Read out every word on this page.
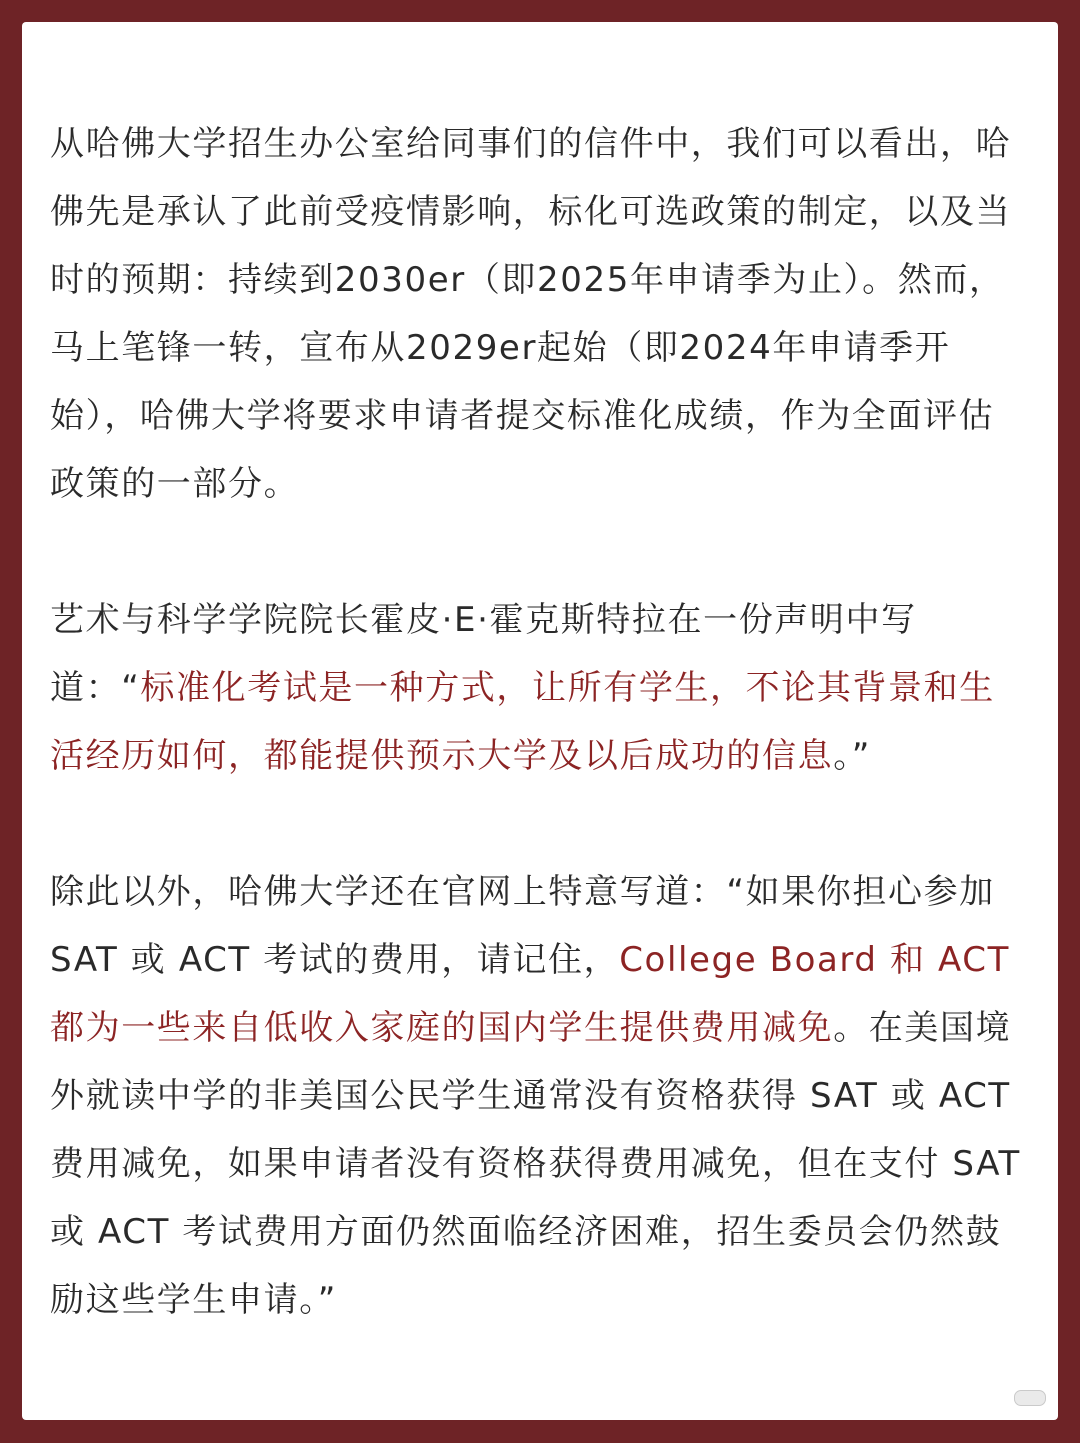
从哈佛大学招生办公室给同事们的信件中，我们可以看出，哈佛先是承认了此前受疫情影响，标化可选政策的制定，以及当时的预期：持续到2030er（即2025年申请季为止）。然而，马上笔锋一转，宣布从2029er起始（即2024年申请季开始），哈佛大学将要求申请者提交标准化成绩，作为全面评估政策的一部分。

艺术与科学学院院长霍皮·E·霍克斯特拉在一份声明中写道：“标准化考试是一种方式，让所有学生，不论其背景和生活经历如何，都能提供预示大学及以后成功的信息。”

除此以外，哈佛大学还在官网上特意写道：“如果你担心参加 SAT 或 ACT 考试的费用，请记住，College Board 和 ACT 都为一些来自低收入家庭的国内学生提供费用减免。在美国境外就读中学的非美国公民学生通常没有资格获得 SAT 或 ACT 费用减免，如果申请者没有资格获得费用减免，但在支付 SAT 或 ACT 考试费用方面仍然面临经济困难，招生委员会仍然鼓励这些学生申请。”
